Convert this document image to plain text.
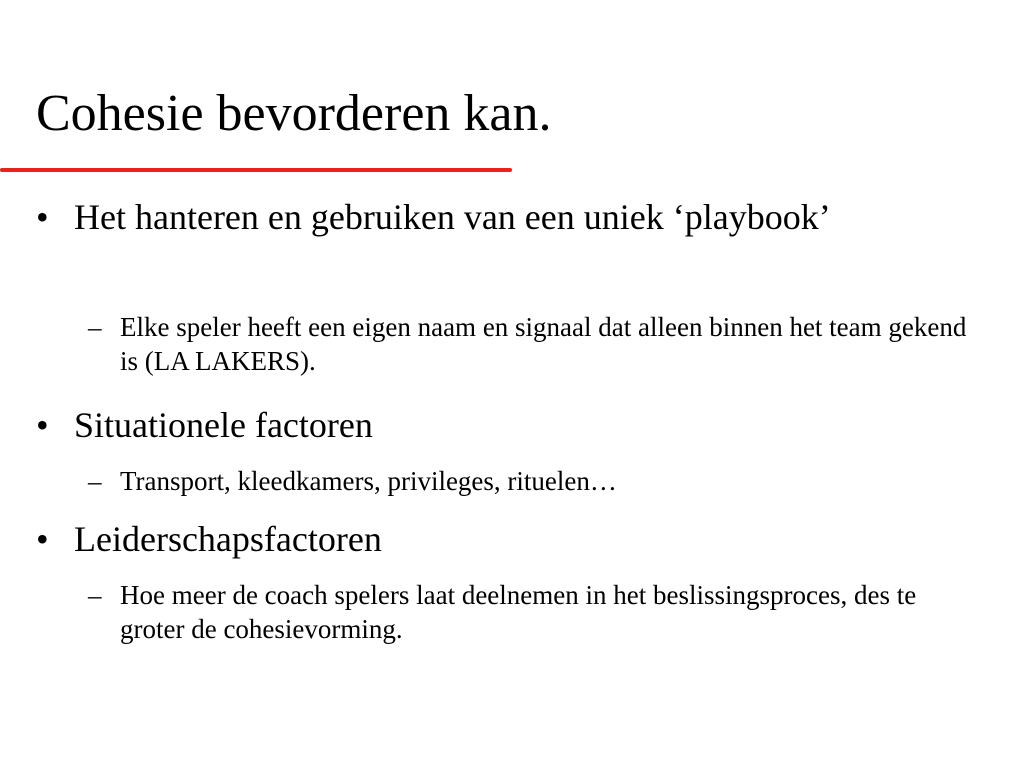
Cohesie bevorderen kan.
• Het hanteren en gebruiken van een uniek ‘playbook’
– Elke speler heeft een eigen naam en signaal dat alleen binnen het team gekend is (LA LAKERS).
• Situationele factoren
– Transport, kleedkamers, privileges, rituelen…
• Leiderschapsfactoren
– Hoe meer de coach spelers laat deelnemen in het beslissingsproces, des te groter de cohesievorming.
